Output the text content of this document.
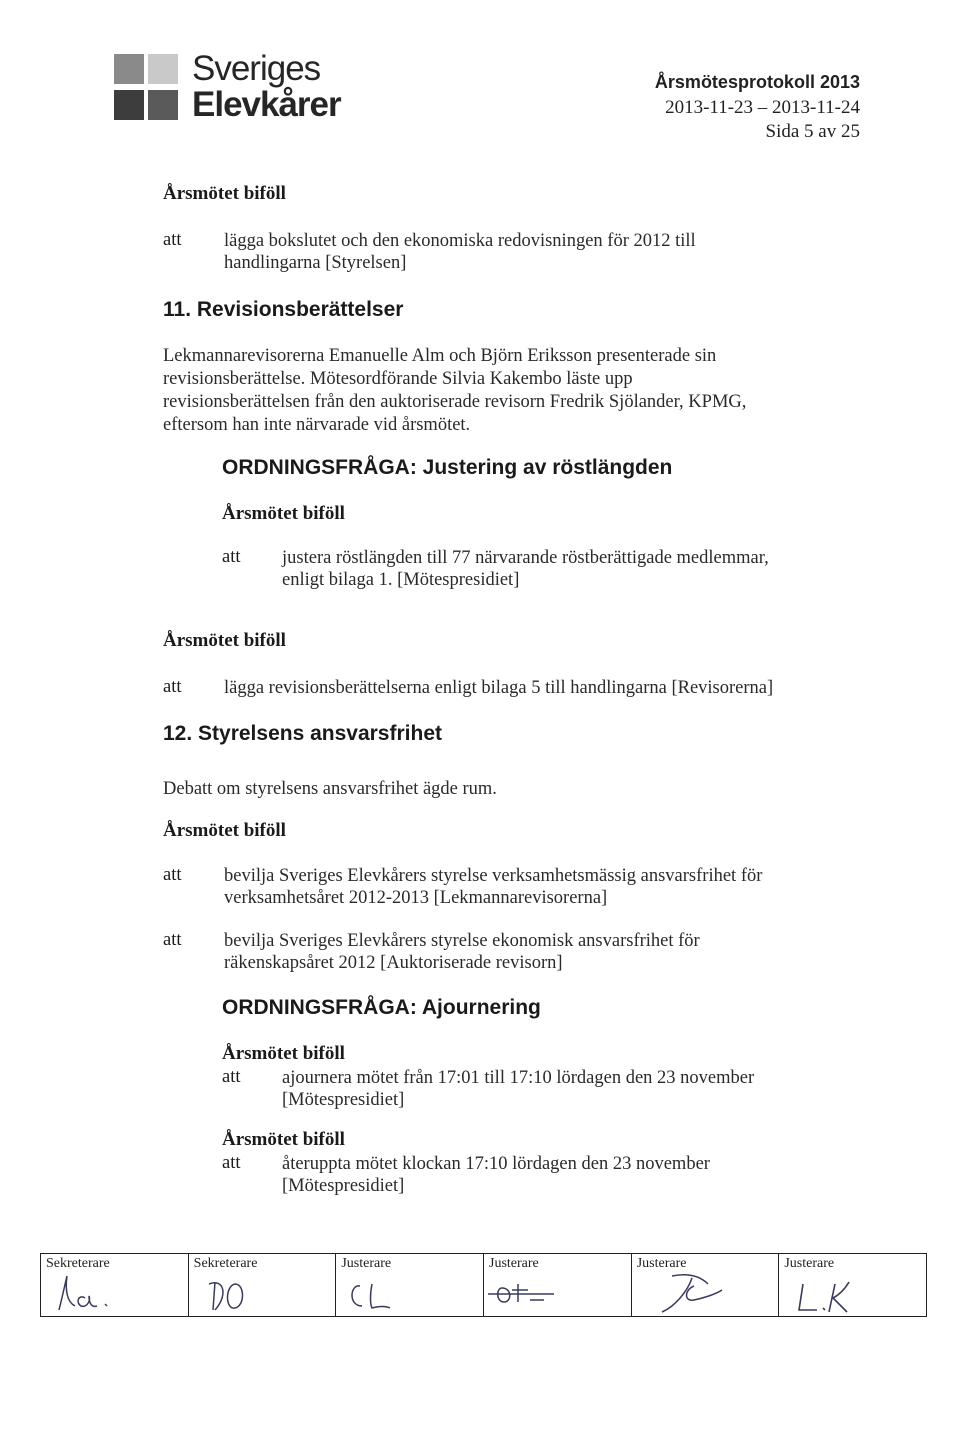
Sveriges
Elevkårer
Årsmötesprotokoll 2013
2013-11-23 – 2013-11-24
Sida 5 av 25
Årsmötet biföll
att lägga bokslutet och den ekonomiska redovisningen för 2012 till
handlingarna [Styrelsen]
11. Revisionsberättelser
Lekmannarevisorerna Emanuelle Alm och Björn Eriksson presenterade sin
revisionsberättelse. Mötesordförande Silvia Kakembo läste upp
revisionsberättelsen från den auktoriserade revisorn Fredrik Sjölander, KPMG,
eftersom han inte närvarade vid årsmötet.
ORDNINGSFRÅGA: Justering av röstlängden
Årsmötet biföll
att justera röstlängden till 77 närvarande röstberättigade medlemmar,
enligt bilaga 1. [Mötespresidiet]
Årsmötet biföll
att lägga revisionsberättelserna enligt bilaga 5 till handlingarna [Revisorerna]
12. Styrelsens ansvarsfrihet
Debatt om styrelsens ansvarsfrihet ägde rum.
Årsmötet biföll
att bevilja Sveriges Elevkårers styrelse verksamhetsmässig ansvarsfrihet för
verksamhetsåret 2012-2013 [Lekmannarevisorerna]
att bevilja Sveriges Elevkårers styrelse ekonomisk ansvarsfrihet för
räkenskapsåret 2012 [Auktoriserade revisorn]
ORDNINGSFRÅGA: Ajournering
Årsmötet biföll
att ajournera mötet från 17:01 till 17:10 lördagen den 23 november
[Mötespresidiet]
Årsmötet biföll
att återuppta mötet klockan 17:10 lördagen den 23 november
[Mötespresidiet]
Sekreterare	Sekreterare	Justerare	Justerare	Justerare	Justerare
